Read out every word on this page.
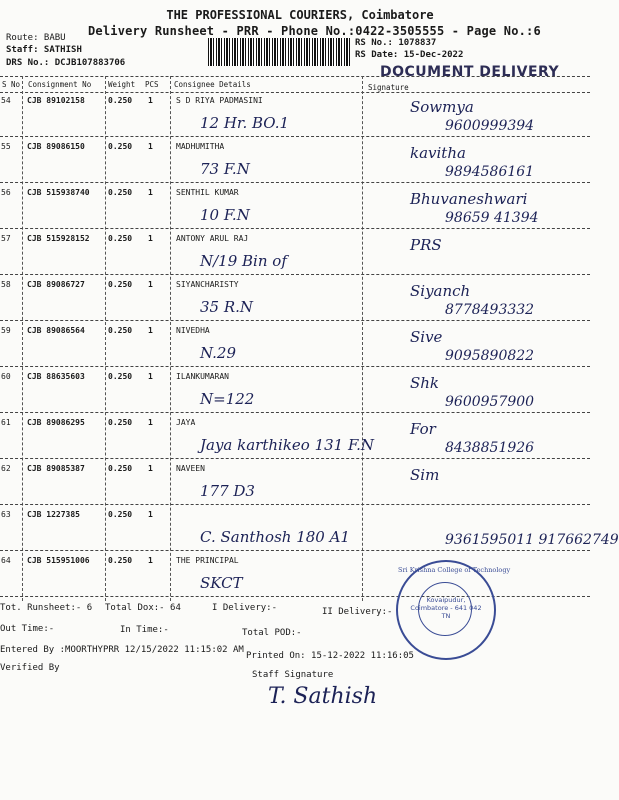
THE PROFESSIONAL COURIERS, Coimbatore
Delivery Runsheet - PRR - Phone No.:0422-3505555 - Page No.:6
Route: BABU
Staff: SATHISH
DRS No.: DCJB107883706
RS No.: 1078837
RS Date: 15-Dec-2022
DOCUMENT DELIVERY
S No Consignment No Weight PCS Consignee Details	Signature
54 CJB 89102158	0.250 1	S D RIYA PADMASINI
12 Hr. BO.1
Sowmya
9600999394
55 CJB 89086150	0.250 1	MADHUMITHA
73 F.N
kavitha
9894586161
56 CJB 515938740 0.250 1	SENTHIL KUMAR
10 F.N
Bhuvaneshwari
98659 41394
57 CJB 515928152 0.250 1	ANTONY ARUL RAJ
N/19 Bin of
PRS
58 CJB 89086727	0.250 1	SIYANCHARISTY
35 R.N
Siyanch
8778493332
59 CJB 89086564	0.250 1	NIVEDHA
N.29
Sive
9095890822
60 CJB 88635603	0.250 1	ILANKUMARAN
N=122
Shk
9600957900
61 CJB 89086295	0.250 1	JAYA
Jaya karthikeo 131 F.N
For
8438851926
62 CJB 89085387	0.250 1	NAVEEN
177 D3
Sim
63 CJB 1227385	0.250 1
C. Santhosh 180 A1	9361595011 917662749
64 CJB 515951006 0.250 1	THE PRINCIPAL
SKCT
Kovaipudur, Coimbatore - 641 042 TN
Sri Krishna College of Technology
Tot. Runsheet:- 6 Total Dox:- 64	I Delivery:-	II Delivery:-
Out Time:-	In Time:-	Total POD:-
Entered By :MOORTHYPRR 12/15/2022 11:15:02 AM
Printed On: 15-12-2022 11:16:05
Verified By
Staff Signature
T. Sathish
